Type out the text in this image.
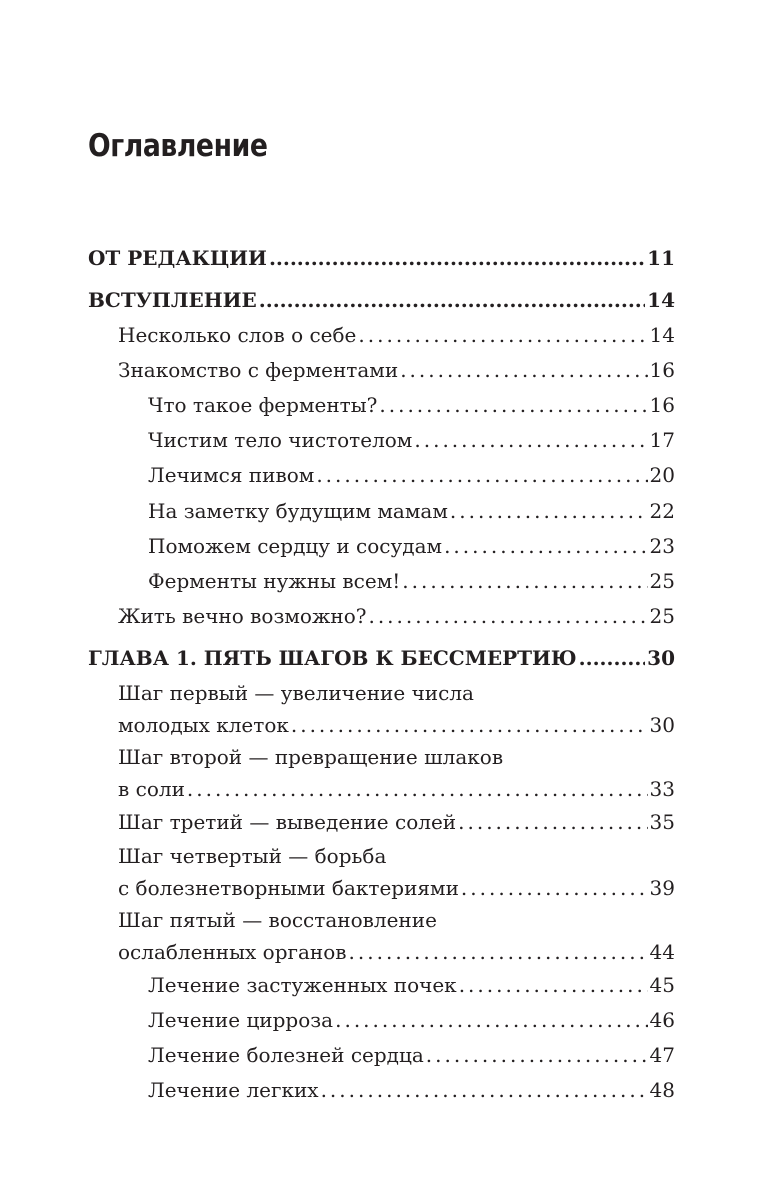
Оглавление
ОТ РЕДАКЦИИ .....	11
ВСТУПЛЕНИЕ .....	14
Несколько слов о себе .....	14
Знакомство с ферментами .....	16
Что такое ферменты? .....	16
Чистим тело чистотелом .....	17
Лечимся пивом .....	20
На заметку будущим мамам .....	22
Поможем сердцу и сосудам .....	23
Ферменты нужны всем! .....	25
Жить вечно возможно? .....	25
ГЛАВА 1. ПЯТЬ ШАГОВ К БЕССМЕРТИЮ .....	30
Шаг первый — увеличение числа
молодых клеток .....	30
Шаг второй — превращение шлаков
в соли .....	33
Шаг третий — выведение солей .....	35
Шаг четвертый — борьба
с болезнетворными бактериями .....	39
Шаг пятый — восстановление
ослабленных органов .....	44
Лечение застуженных почек .....	45
Лечение цирроза .....	46
Лечение болезней сердца .....	47
Лечение легких .....	48
